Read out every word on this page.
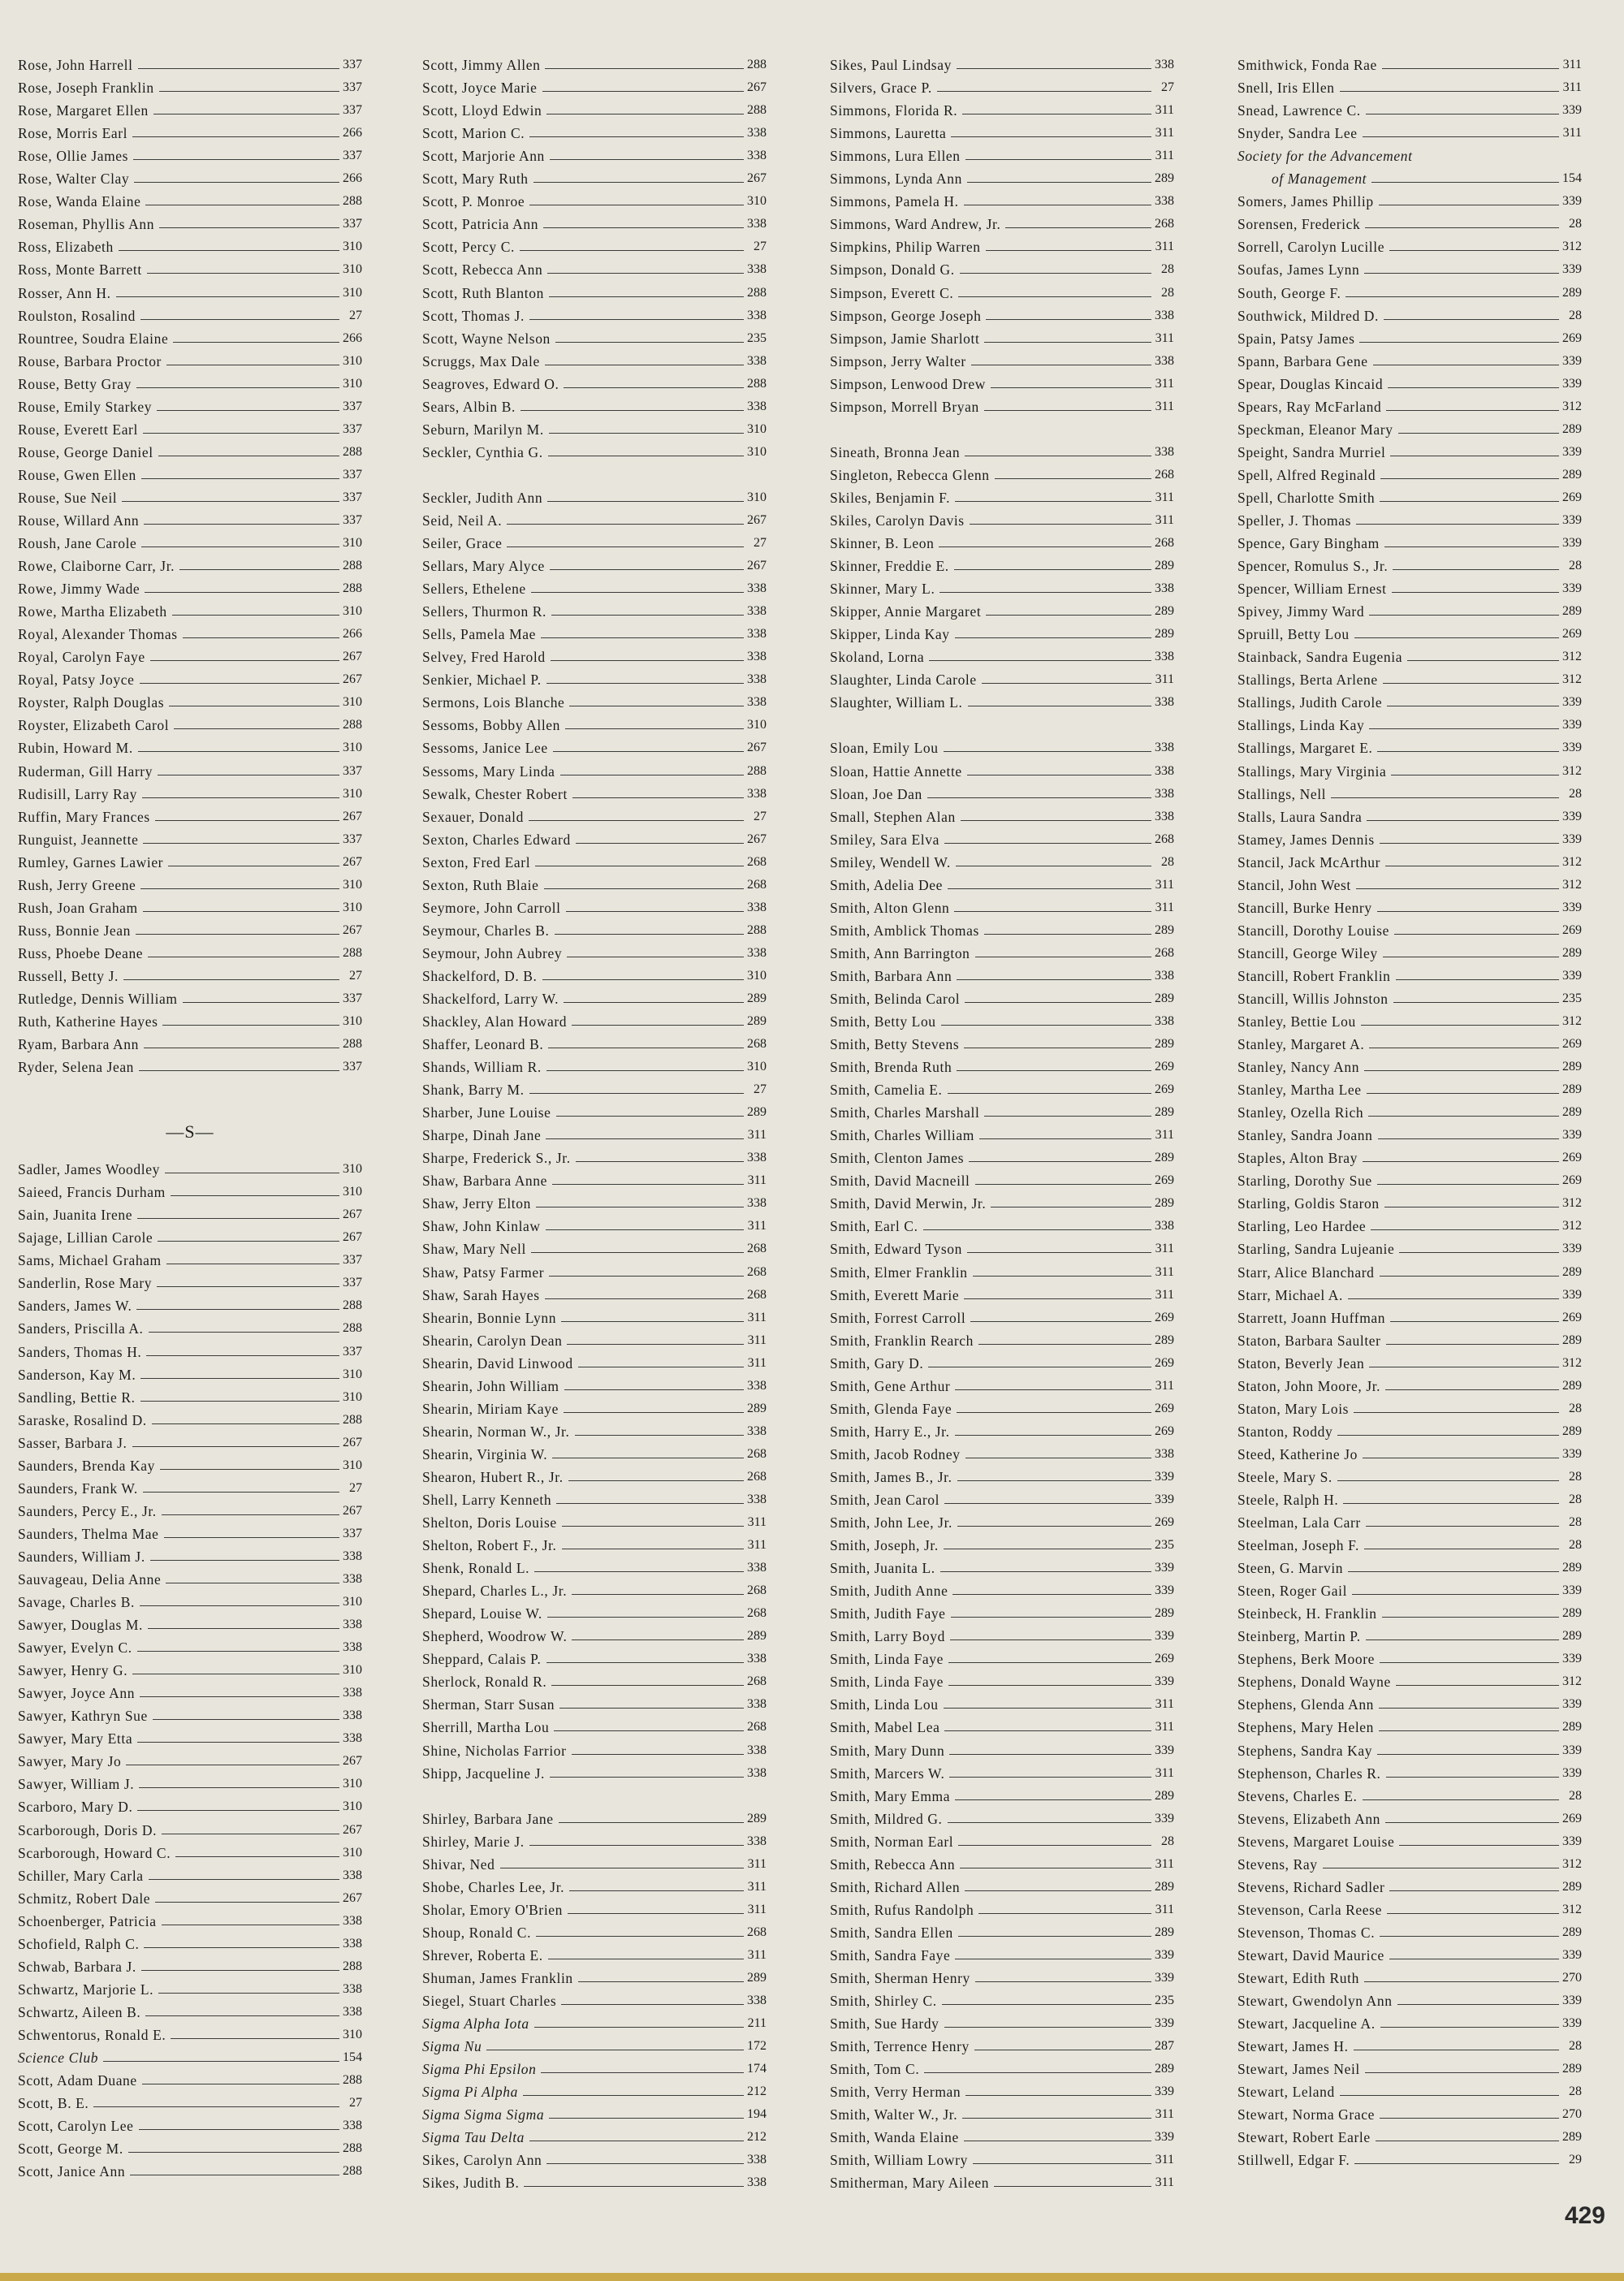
Rose, John Harrell	337
Rose, Joseph Franklin	337
Rose, Margaret Ellen	337
Rose, Morris Earl	266
Rose, Ollie James	337
Rose, Walter Clay	266
Rose, Wanda Elaine	288
Roseman, Phyllis Ann	337
Ross, Elizabeth	310
Ross, Monte Barrett	310
Rosser, Ann H.	310
Roulston, Rosalind	27
Rountree, Soudra Elaine	266
Rouse, Barbara Proctor	310
Rouse, Betty Gray	310
Rouse, Emily Starkey	337
Rouse, Everett Earl	337
Rouse, George Daniel	288
Rouse, Gwen Ellen	337
Rouse, Sue Neil	337
Rouse, Willard Ann	337
Roush, Jane Carole	310
Rowe, Claiborne Carr, Jr.	288
Rowe, Jimmy Wade	288
Rowe, Martha Elizabeth	310
Royal, Alexander Thomas	266
Royal, Carolyn Faye	267
Royal, Patsy Joyce	267
Royster, Ralph Douglas	310
Royster, Elizabeth Carol	288
Rubin, Howard M.	310
Ruderman, Gill Harry	337
Rudisill, Larry Ray	310
Ruffin, Mary Frances	267
Runguist, Jeannette	337
Rumley, Garnes Lawier	267
Rush, Jerry Greene	310
Rush, Joan Graham	310
Russ, Bonnie Jean	267
Russ, Phoebe Deane	288
Russell, Betty J.	27
Rutledge, Dennis William	337
Ruth, Katherine Hayes	310
Ryam, Barbara Ann	288
Ryder, Selena Jean	337
—S—
Sadler, James Woodley	310
Saieed, Francis Durham	310
Sain, Juanita Irene	267
Sajage, Lillian Carole	267
Sams, Michael Graham	337
Sanderlin, Rose Mary	337
Sanders, James W.	288
Sanders, Priscilla A.	288
Sanders, Thomas H.	337
Sanderson, Kay M.	310
Sandling, Bettie R.	310
Saraske, Rosalind D.	288
Sasser, Barbara J.	267
Saunders, Brenda Kay	310
Saunders, Frank W.	27
Saunders, Percy E., Jr.	267
Saunders, Thelma Mae	337
Saunders, William J.	338
Sauvageau, Delia Anne	338
Savage, Charles B.	310
Sawyer, Douglas M.	338
Sawyer, Evelyn C.	338
Sawyer, Henry G.	310
Sawyer, Joyce Ann	338
Sawyer, Kathryn Sue	338
Sawyer, Mary Etta	338
Sawyer, Mary Jo	267
Sawyer, William J.	310
Scarboro, Mary D.	310
Scarborough, Doris D.	267
Scarborough, Howard C.	310
Schiller, Mary Carla	338
Schmitz, Robert Dale	267
Schoenberger, Patricia	338
Schofield, Ralph C.	338
Schwab, Barbara J.	288
Schwartz, Marjorie L.	338
Schwartz, Aileen B.	338
Schwentorus, Ronald E.	310
Science Club	154
Scott, Adam Duane	288
Scott, B. E.	27
Scott, Carolyn Lee	338
Scott, George M.	288
Scott, Janice Ann	288
Scott, Jimmy Allen	288
Scott, Joyce Marie	267
Scott, Lloyd Edwin	288
Scott, Marion C.	338
Scott, Marjorie Ann	338
Scott, Mary Ruth	267
Scott, P. Monroe	310
Scott, Patricia Ann	338
Scott, Percy C.	27
Scott, Rebecca Ann	338
Scott, Ruth Blanton	288
Scott, Thomas J.	338
Scott, Wayne Nelson	235
Scruggs, Max Dale	338
Seagroves, Edward O.	288
Sears, Albin B.	338
Seburn, Marilyn M.	310
Seckler, Cynthia G.	310
Seckler, Judith Ann	310
Seid, Neil A.	267
Seiler, Grace	27
Sellars, Mary Alyce	267
Sellers, Ethelene	338
Sellers, Thurmon R.	338
Sells, Pamela Mae	338
Selvey, Fred Harold	338
Senkier, Michael P.	338
Sermons, Lois Blanche	338
Sessoms, Bobby Allen	310
Sessoms, Janice Lee	267
Sessoms, Mary Linda	288
Sewalk, Chester Robert	338
Sexauer, Donald	27
Sexton, Charles Edward	267
Sexton, Fred Earl	268
Sexton, Ruth Blaie	268
Seymore, John Carroll	338
Seymour, Charles B.	288
Seymour, John Aubrey	338
Shackelford, D. B.	310
Shackelford, Larry W.	289
Shackley, Alan Howard	289
Shaffer, Leonard B.	268
Shands, William R.	310
Shank, Barry M.	27
Sharber, June Louise	289
Sharpe, Dinah Jane	311
Sharpe, Frederick S., Jr.	338
Shaw, Barbara Anne	311
Shaw, Jerry Elton	338
Shaw, John Kinlaw	311
Shaw, Mary Nell	268
Shaw, Patsy Farmer	268
Shaw, Sarah Hayes	268
Shearin, Bonnie Lynn	311
Shearin, Carolyn Dean	311
Shearin, David Linwood	311
Shearin, John William	338
Shearin, Miriam Kaye	289
Shearin, Norman W., Jr.	338
Shearin, Virginia W.	268
Shearon, Hubert R., Jr.	268
Shell, Larry Kenneth	338
Shelton, Doris Louise	311
Shelton, Robert F., Jr.	311
Shenk, Ronald L.	338
Shepard, Charles L., Jr.	268
Shepard, Louise W.	268
Shepherd, Woodrow W.	289
Sheppard, Calais P.	338
Sherlock, Ronald R.	268
Sherman, Starr Susan	338
Sherrill, Martha Lou	268
Shine, Nicholas Farrior	338
Shipp, Jacqueline J.	338
Shirley, Barbara Jane	289
Shirley, Marie J.	338
Shivar, Ned	311
Shobe, Charles Lee, Jr.	311
Sholar, Emory O'Brien	311
Shoup, Ronald C.	268
Shrever, Roberta E.	311
Shuman, James Franklin	289
Siegel, Stuart Charles	338
Sigma Alpha Iota	211
Sigma Nu	172
Sigma Phi Epsilon	174
Sigma Pi Alpha	212
Sigma Sigma Sigma	194
Sigma Tau Delta	212
Sikes, Carolyn Ann	338
Sikes, Judith B.	338
Sikes, Paul Lindsay	338
Silvers, Grace P.	27
Simmons, Florida R.	311
Simmons, Lauretta	311
Simmons, Lura Ellen	311
Simmons, Lynda Ann	289
Simmons, Pamela H.	338
Simmons, Ward Andrew, Jr.	268
Simpkins, Philip Warren	311
Simpson, Donald G.	28
Simpson, Everett C.	28
Simpson, George Joseph	338
Simpson, Jamie Sharlott	311
Simpson, Jerry Walter	338
Simpson, Lenwood Drew	311
Simpson, Morrell Bryan	311
Sineath, Bronna Jean	338
Singleton, Rebecca Glenn	268
Skiles, Benjamin F.	311
Skiles, Carolyn Davis	311
Skinner, B. Leon	268
Skinner, Freddie E.	289
Skinner, Mary L.	338
Skipper, Annie Margaret	289
Skipper, Linda Kay	289
Skoland, Lorna	338
Slaughter, Linda Carole	311
Slaughter, William L.	338
Sloan, Emily Lou	338
Sloan, Hattie Annette	338
Sloan, Joe Dan	338
Small, Stephen Alan	338
Smiley, Sara Elva	268
Smiley, Wendell W.	28
Smith, Adelia Dee	311
Smith, Alton Glenn	311
Smith, Amblick Thomas	289
Smith, Ann Barrington	268
Smith, Barbara Ann	338
Smith, Belinda Carol	289
Smith, Betty Lou	338
Smith, Betty Stevens	289
Smith, Brenda Ruth	269
Smith, Camelia E.	269
Smith, Charles Marshall	289
Smith, Charles William	311
Smith, Clenton James	289
Smith, David Macneill	269
Smith, David Merwin, Jr.	289
Smith, Earl C.	338
Smith, Edward Tyson	311
Smith, Elmer Franklin	311
Smith, Everett Marie	311
Smith, Forrest Carroll	269
Smith, Franklin Rearch	289
Smith, Gary D.	269
Smith, Gene Arthur	311
Smith, Glenda Faye	269
Smith, Harry E., Jr.	269
Smith, Jacob Rodney	338
Smith, James B., Jr.	339
Smith, Jean Carol	339
Smith, John Lee, Jr.	269
Smith, Joseph, Jr.	235
Smith, Juanita L.	339
Smith, Judith Anne	339
Smith, Judith Faye	289
Smith, Larry Boyd	339
Smith, Linda Faye	269
Smith, Linda Faye	339
Smith, Linda Lou	311
Smith, Mabel Lea	311
Smith, Mary Dunn	339
Smith, Marcers W.	311
Smith, Mary Emma	289
Smith, Mildred G.	339
Smith, Norman Earl	28
Smith, Rebecca Ann	311
Smith, Richard Allen	289
Smith, Rufus Randolph	311
Smith, Sandra Ellen	289
Smith, Sandra Faye	339
Smith, Sherman Henry	339
Smith, Shirley C.	235
Smith, Sue Hardy	339
Smith, Terrence Henry	287
Smith, Tom C.	289
Smith, Verry Herman	339
Smith, Walter W., Jr.	311
Smith, Wanda Elaine	339
Smith, William Lowry	311
Smitherman, Mary Aileen	311
Smithwick, Fonda Rae	311
Snell, Iris Ellen	311
Snead, Lawrence C.	339
Snyder, Sandra Lee	311
Society for the Advancement
of Management	154
Somers, James Phillip	339
Sorensen, Frederick	28
Sorrell, Carolyn Lucille	312
Soufas, James Lynn	339
South, George F.	289
Southwick, Mildred D.	28
Spain, Patsy James	269
Spann, Barbara Gene	339
Spear, Douglas Kincaid	339
Spears, Ray McFarland	312
Speckman, Eleanor Mary	289
Speight, Sandra Murriel	339
Spell, Alfred Reginald	289
Spell, Charlotte Smith	269
Speller, J. Thomas	339
Spence, Gary Bingham	339
Spencer, Romulus S., Jr.	28
Spencer, William Ernest	339
Spivey, Jimmy Ward	289
Spruill, Betty Lou	269
Stainback, Sandra Eugenia	312
Stallings, Berta Arlene	312
Stallings, Judith Carole	339
Stallings, Linda Kay	339
Stallings, Margaret E.	339
Stallings, Mary Virginia	312
Stallings, Nell	28
Stalls, Laura Sandra	339
Stamey, James Dennis	339
Stancil, Jack McArthur	312
Stancil, John West	312
Stancill, Burke Henry	339
Stancill, Dorothy Louise	269
Stancill, George Wiley	289
Stancill, Robert Franklin	339
Stancill, Willis Johnston	235
Stanley, Bettie Lou	312
Stanley, Margaret A.	269
Stanley, Nancy Ann	289
Stanley, Martha Lee	289
Stanley, Ozella Rich	289
Stanley, Sandra Joann	339
Staples, Alton Bray	269
Starling, Dorothy Sue	269
Starling, Goldis Staron	312
Starling, Leo Hardee	312
Starling, Sandra Lujeanie	339
Starr, Alice Blanchard	289
Starr, Michael A.	339
Starrett, Joann Huffman	269
Staton, Barbara Saulter	289
Staton, Beverly Jean	312
Staton, John Moore, Jr.	289
Staton, Mary Lois	28
Stanton, Roddy	289
Steed, Katherine Jo	339
Steele, Mary S.	28
Steele, Ralph H.	28
Steelman, Lala Carr	28
Steelman, Joseph F.	28
Steen, G. Marvin	289
Steen, Roger Gail	339
Steinbeck, H. Franklin	289
Steinberg, Martin P.	289
Stephens, Berk Moore	339
Stephens, Donald Wayne	312
Stephens, Glenda Ann	339
Stephens, Mary Helen	289
Stephens, Sandra Kay	339
Stephenson, Charles R.	339
Stevens, Charles E.	28
Stevens, Elizabeth Ann	269
Stevens, Margaret Louise	339
Stevens, Ray	312
Stevens, Richard Sadler	289
Stevenson, Carla Reese	312
Stevenson, Thomas C.	289
Stewart, David Maurice	339
Stewart, Edith Ruth	270
Stewart, Gwendolyn Ann	339
Stewart, Jacqueline A.	339
Stewart, James H.	28
Stewart, James Neil	289
Stewart, Leland	28
Stewart, Norma Grace	270
Stewart, Robert Earle	289
Stillwell, Edgar F.	29
429
